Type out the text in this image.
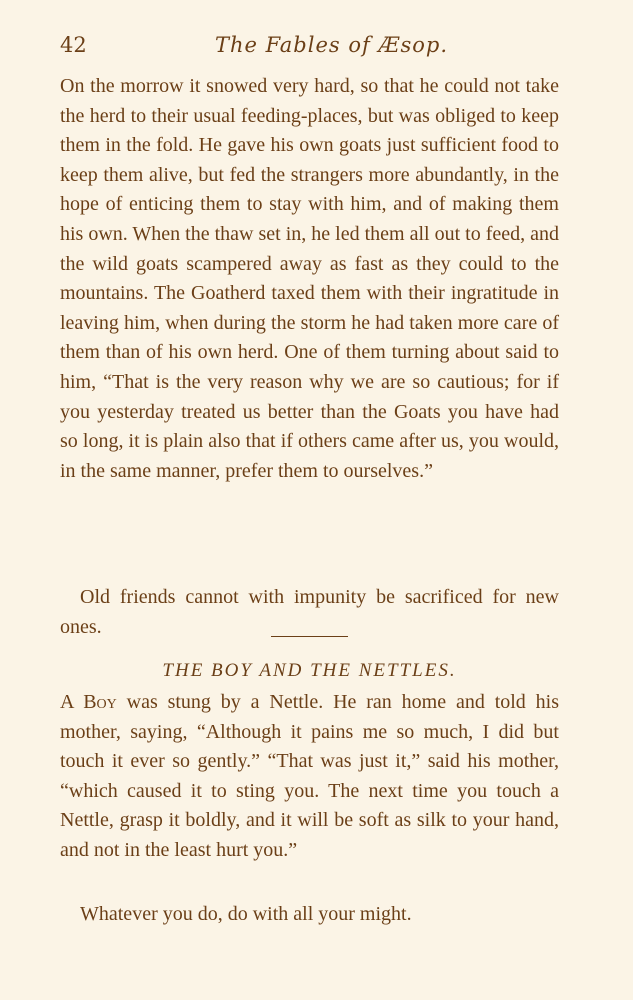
42	The Fables of Æsop.

On the morrow it snowed very hard, so that he could not take the herd to their usual feeding-places, but was obliged to keep them in the fold. He gave his own goats just sufficient food to keep them alive, but fed the strangers more abundantly, in the hope of enticing them to stay with him, and of making them his own. When the thaw set in, he led them all out to feed, and the wild goats scampered away as fast as they could to the mountains. The Goatherd taxed them with their ingratitude in leaving him, when during the storm he had taken more care of them than of his own herd. One of them turning about said to him, “That is the very reason why we are so cautious; for if you yesterday treated us better than the Goats you have had so long, it is plain also that if others came after us, you would, in the same manner, prefer them to ourselves.”

Old friends cannot with impunity be sacrificed for new ones.

THE BOY AND THE NETTLES.

A Boy was stung by a Nettle. He ran home and told his mother, saying, “Although it pains me so much, I did but touch it ever so gently.” “That was just it,” said his mother, “which caused it to sting you. The next time you touch a Nettle, grasp it boldly, and it will be soft as silk to your hand, and not in the least hurt you.”

Whatever you do, do with all your might.
